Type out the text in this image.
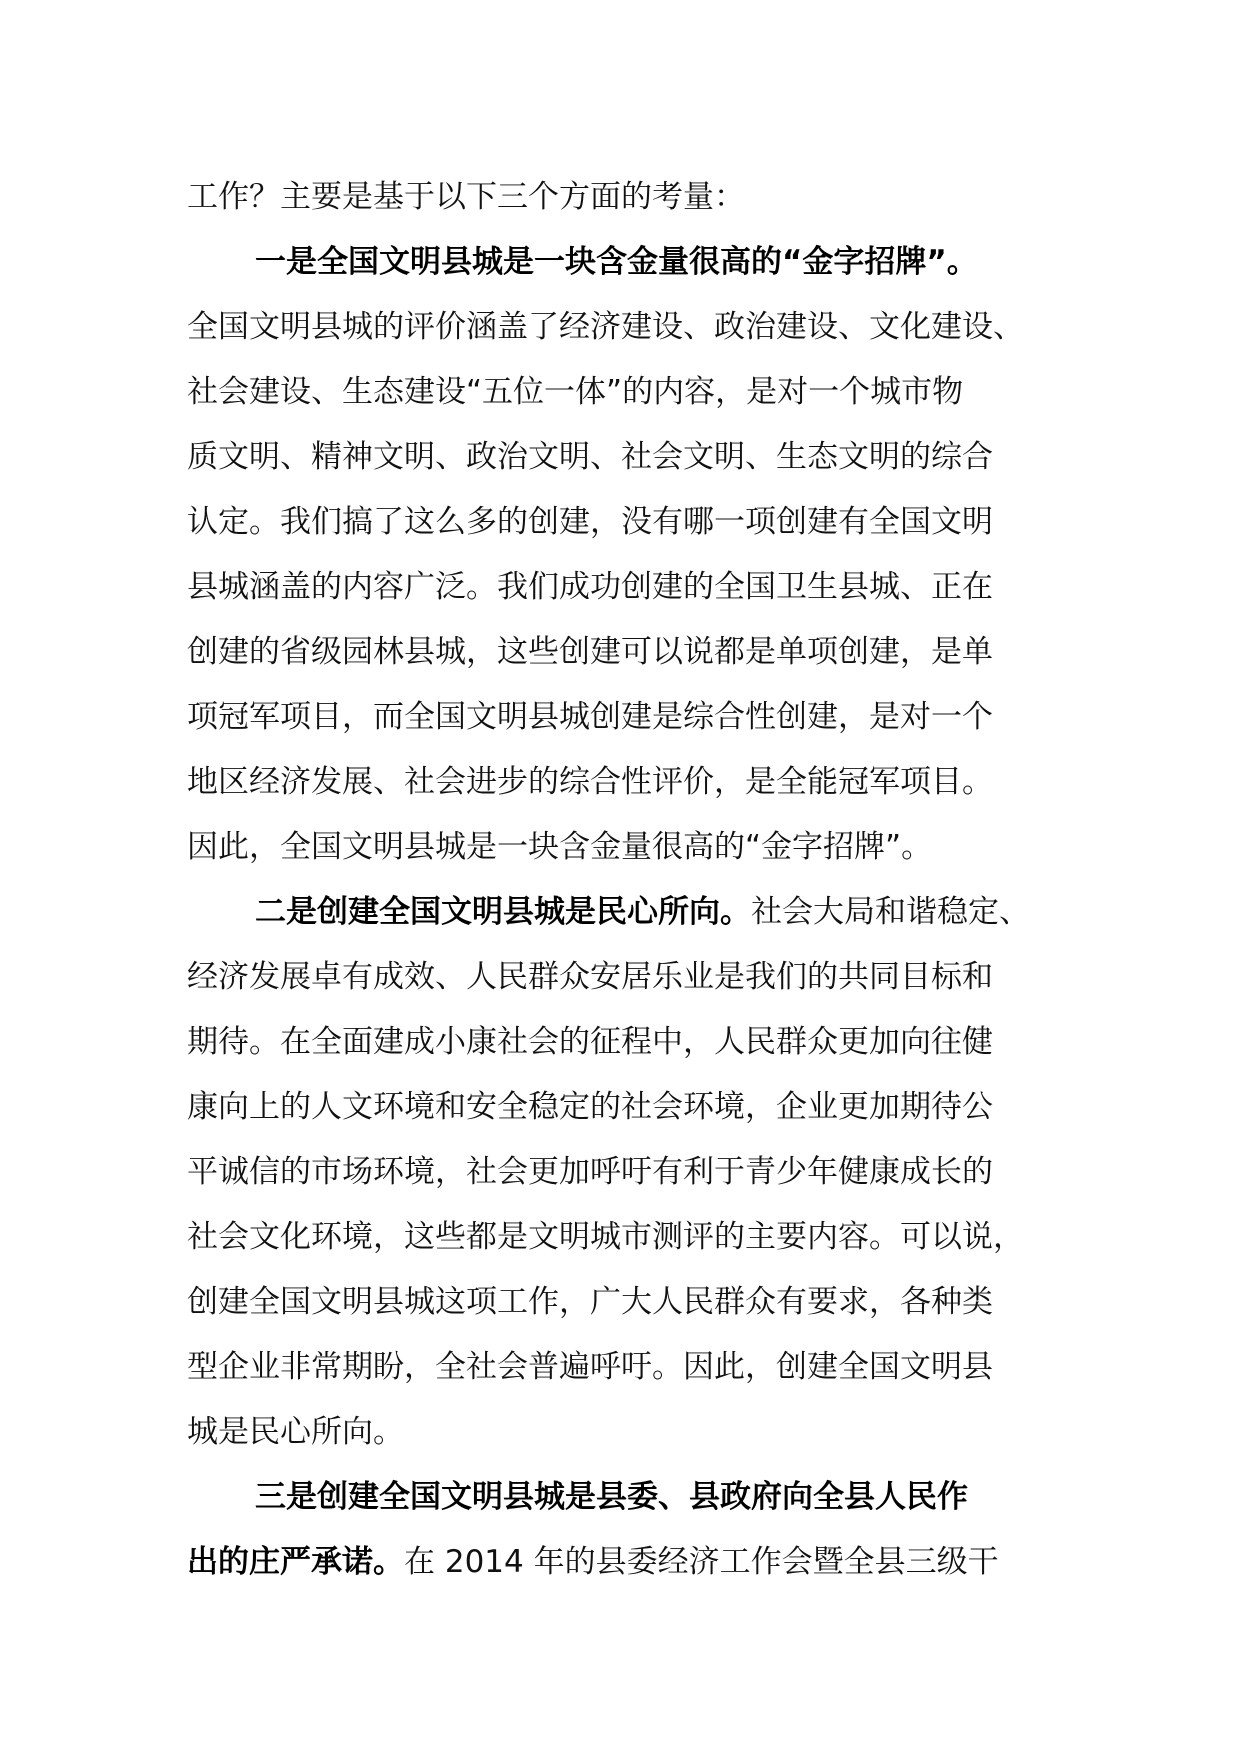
工作？主要是基于以下三个方面的考量：
一是全国文明县城是一块含金量很高的“金字招牌”。
全国文明县城的评价涵盖了经济建设、政治建设、文化建设、
社会建设、生态建设“五位一体”的内容，是对一个城市物
质文明、精神文明、政治文明、社会文明、生态文明的综合
认定。我们搞了这么多的创建，没有哪一项创建有全国文明
县城涵盖的内容广泛。我们成功创建的全国卫生县城、正在
创建的省级园林县城，这些创建可以说都是单项创建，是单
项冠军项目，而全国文明县城创建是综合性创建，是对一个
地区经济发展、社会进步的综合性评价，是全能冠军项目。
因此，全国文明县城是一块含金量很高的“金字招牌”。
二是创建全国文明县城是民心所向。社会大局和谐稳定、
经济发展卓有成效、人民群众安居乐业是我们的共同目标和
期待。在全面建成小康社会的征程中，人民群众更加向往健
康向上的人文环境和安全稳定的社会环境，企业更加期待公
平诚信的市场环境，社会更加呼吁有利于青少年健康成长的
社会文化环境，这些都是文明城市测评的主要内容。可以说，
创建全国文明县城这项工作，广大人民群众有要求，各种类
型企业非常期盼，全社会普遍呼吁。因此，创建全国文明县
城是民心所向。
三是创建全国文明县城是县委、县政府向全县人民作
出的庄严承诺。在 2014 年的县委经济工作会暨全县三级干
